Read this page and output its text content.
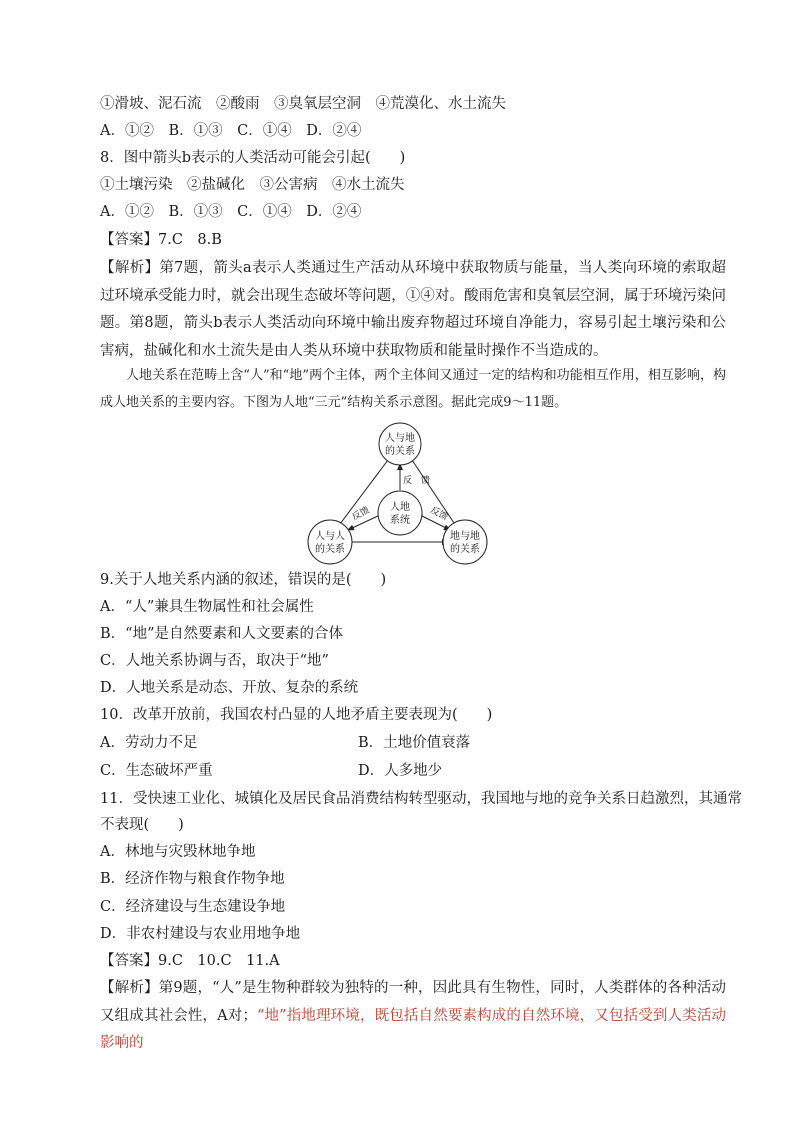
①滑坡、泥石流　②酸雨　③臭氧层空洞　④荒漠化、水土流失
A．①②　B．①③　C．①④　D．②④
8．图中箭头b表示的人类活动可能会引起(　　)
①土壤污染　②盐碱化　③公害病　④水土流失
A．①②　B．①③　C．①④　D．②④
【答案】7.C　8.B
【解析】第7题，箭头a表示人类通过生产活动从环境中获取物质与能量，当人类向环境的索取超过环境承受能力时，就会出现生态破坏等问题，①④对。酸雨危害和臭氧层空洞，属于环境污染问题。第8题，箭头b表示人类活动向环境中输出废弃物超过环境自净能力，容易引起土壤污染和公害病，盐碱化和水土流失是由人类从环境中获取物质和能量时操作不当造成的。
人地关系在范畴上含“人”和“地”两个主体，两个主体间又通过一定的结构和功能相互作用，相互影响，构成人地关系的主要内容。下图为人地“三元”结构关系示意图。据此完成9～11题。
人与地
的关系
人地
系统
人与人
的关系
地与地
的关系
反　馈
反馈	反馈
9.关于人地关系内涵的叙述，错误的是(　　)
A．“人”兼具生物属性和社会属性
B．“地”是自然要素和人文要素的合体
C．人地关系协调与否，取决于“地”
D．人地关系是动态、开放、复杂的系统
10．改革开放前，我国农村凸显的人地矛盾主要表现为(　　)
A．劳动力不足	B．土地价值衰落
C．生态破坏严重	D．人多地少
11．受快速工业化、城镇化及居民食品消费结构转型驱动，我国地与地的竞争关系日趋激烈，其通常
不表现(　　)
A．林地与灾毁林地争地
B．经济作物与粮食作物争地
C．经济建设与生态建设争地
D．非农村建设与农业用地争地
【答案】9.C　10.C　11.A
【解析】第9题，“人”是生物种群较为独特的一种，因此具有生物性，同时，人类群体的各种活动又组成其社会性，A对；“地”指地理环境，既包括自然要素构成的自然环境，又包括受到人类活动影响的
